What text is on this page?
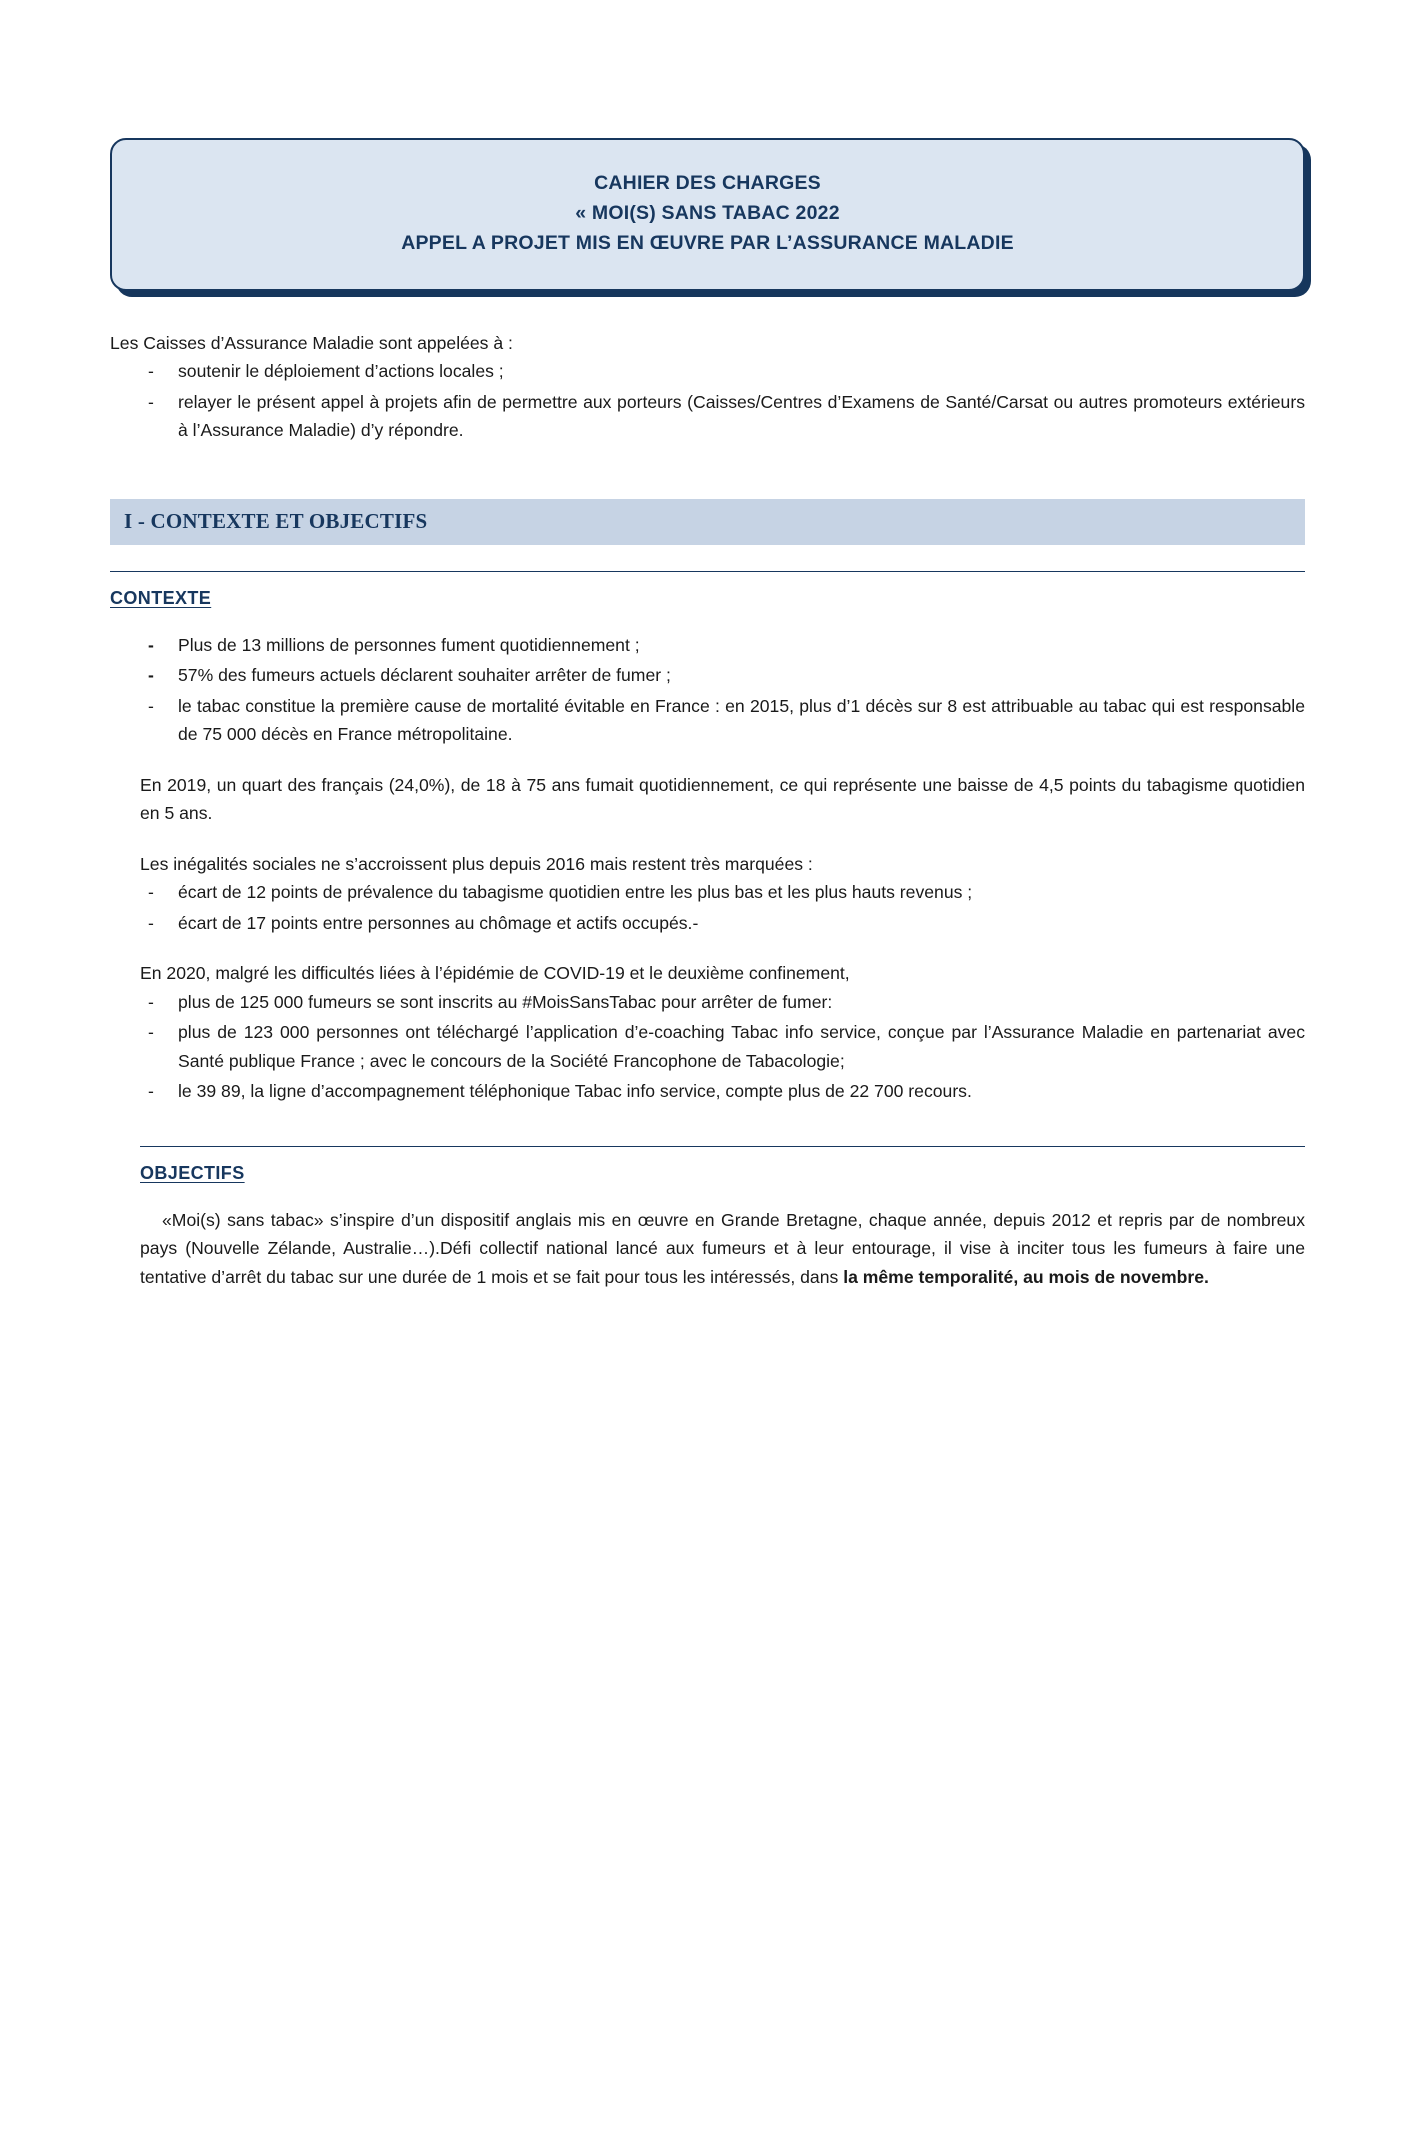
CAHIER DES CHARGES
« MOI(S) SANS TABAC 2022
APPEL A PROJET MIS EN ŒUVRE PAR L’ASSURANCE MALADIE

Les Caisses d’Assurance Maladie sont appelées à :

- soutenir le déploiement d’actions locales ;
- relayer le présent appel à projets afin de permettre aux porteurs (Caisses/Centres d’Examens de Santé/Carsat ou autres promoteurs extérieurs à l’Assurance Maladie) d’y répondre.
I - CONTEXTE ET OBJECTIFS
CONTEXTE
- Plus de 13 millions de personnes fument quotidiennement ;
- 57% des fumeurs actuels déclarent souhaiter arrêter de fumer ;
- le tabac constitue la première cause de mortalité évitable en France : en 2015, plus d’1 décès sur 8 est attribuable au tabac qui est responsable de 75 000 décès en France métropolitaine.

En 2019, un quart des français (24,0%), de 18 à 75 ans fumait quotidiennement, ce qui représente une baisse de 4,5 points du tabagisme quotidien en 5 ans.

Les inégalités sociales ne s’accroissent plus depuis 2016 mais restent très marquées :

- écart de 12 points de prévalence du tabagisme quotidien entre les plus bas et les plus hauts revenus ;
- écart de 17 points entre personnes au chômage et actifs occupés.-

En 2020, malgré les difficultés liées à l’épidémie de COVID-19 et le deuxième confinement,

- plus de 125 000 fumeurs se sont inscrits au #MoisSansTabac pour arrêter de fumer:
- plus de 123 000 personnes ont téléchargé l’application d’e-coaching Tabac info service, conçue par l’Assurance Maladie en partenariat avec Santé publique France ; avec le concours de la Société Francophone de Tabacologie;
- le 39 89, la ligne d’accompagnement téléphonique Tabac info service, compte plus de 22 700 recours.
OBJECTIFS

«Moi(s) sans tabac» s’inspire d’un dispositif anglais mis en œuvre en Grande Bretagne, chaque année, depuis 2012 et repris par de nombreux pays (Nouvelle Zélande, Australie…).Défi collectif national lancé aux fumeurs et à leur entourage, il vise à inciter tous les fumeurs à faire une tentative d’arrêt du tabac sur une durée de 1 mois et se fait pour tous les intéressés, dans la même temporalité, au mois de novembre.
